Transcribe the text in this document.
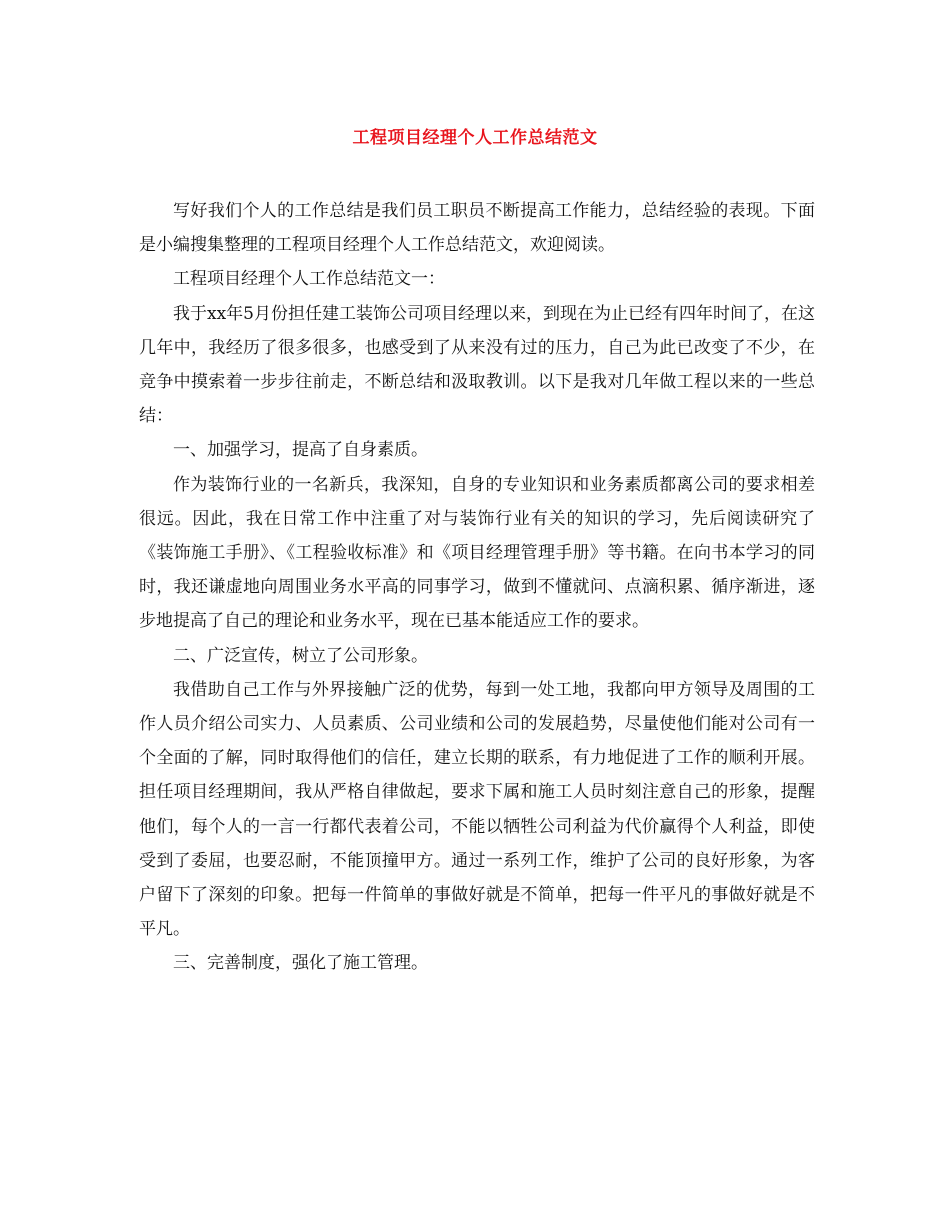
工程项目经理个人工作总结范文

写好我们个人的工作总结是我们员工职员不断提高工作能力，总结经验的表现。下面是小编搜集整理的工程项目经理个人工作总结范文，欢迎阅读。

工程项目经理个人工作总结范文一：

我于xx年5月份担任建工装饰公司项目经理以来，到现在为止已经有四年时间了，在这几年中，我经历了很多很多，也感受到了从来没有过的压力，自己为此已改变了不少，在竞争中摸索着一步步往前走，不断总结和汲取教训。以下是我对几年做工程以来的一些总结：

一、加强学习，提高了自身素质。

作为装饰行业的一名新兵，我深知，自身的专业知识和业务素质都离公司的要求相差很远。因此，我在日常工作中注重了对与装饰行业有关的知识的学习，先后阅读研究了《装饰施工手册》、《工程验收标准》和《项目经理管理手册》等书籍。在向书本学习的同时，我还谦虚地向周围业务水平高的同事学习，做到不懂就问、点滴积累、循序渐进，逐步地提高了自己的理论和业务水平，现在已基本能适应工作的要求。

二、广泛宣传，树立了公司形象。

我借助自己工作与外界接触广泛的优势，每到一处工地，我都向甲方领导及周围的工作人员介绍公司实力、人员素质、公司业绩和公司的发展趋势，尽量使他们能对公司有一个全面的了解，同时取得他们的信任，建立长期的联系，有力地促进了工作的顺利开展。担任项目经理期间，我从严格自律做起，要求下属和施工人员时刻注意自己的形象，提醒他们，每个人的一言一行都代表着公司，不能以牺牲公司利益为代价赢得个人利益，即使受到了委屈，也要忍耐，不能顶撞甲方。通过一系列工作，维护了公司的良好形象，为客户留下了深刻的印象。把每一件简单的事做好就是不简单，把每一件平凡的事做好就是不平凡。

三、完善制度，强化了施工管理。
